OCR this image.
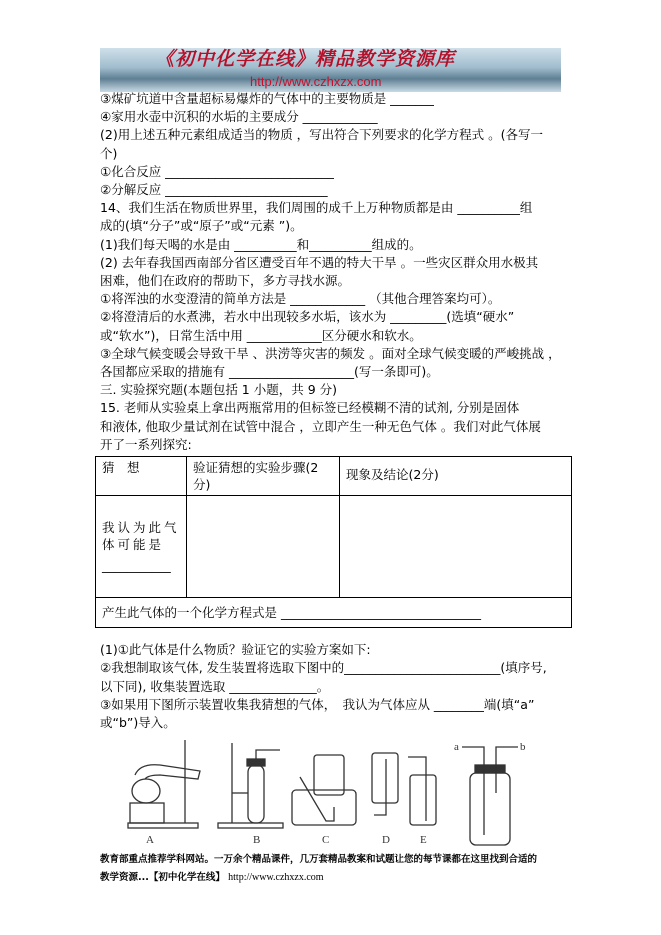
《初中化学在线》精品教学资源库
http://www.czhxzx.com
③煤矿坑道中含量超标易爆炸的气体中的主要物质是 _______
④家用水壶中沉积的水垢的主要成分 ____________
(2)用上述五种元素组成适当的物质 ，写出符合下列要求的化学方程式 。(各写一
个)
①化合反应 ___________________________
②分解反应 __________________________
14、我们生活在物质世界里，我们周围的成千上万种物质都是由 __________组
成的(填“分子”或“原子”或“元素 ”)。
(1)我们每天喝的水是由 __________和__________组成的。
(2) 去年春我国西南部分省区遭受百年不遇的特大干旱 。一些灾区群众用水极其
困难，他们在政府的帮助下，多方寻找水源。
①将浑浊的水变澄清的简单方法是 ____________ （其他合理答案均可）。
②将澄清后的水煮沸，若水中出现较多水垢，该水为 _________(选填“硬水”
或“软水”)，日常生活中用 ____________区分硬水和软水。
③全球气候变暖会导致干旱 、洪涝等灾害的频发 。面对全球气候变暖的严峻挑战 ，
各国都应采取的措施有 ____________________(写一条即可)。
三. 实验探究题(本题包括 1 小题，共 9 分)
15. 老师从实验桌上拿出两瓶常用的但标签已经模糊不清的试剂, 分别是固体
和液体, 他取少量试剂在试管中混合 ，立即产生一种无色气体 。我们对此气体展
开了一系列探究:
猜　想	验证猜想的实验步骤(2分)	现象及结论(2分)

我认为此气体可能是
___________		

产生此气体的一个化学方程式是 ________________________________		
(1)①此气体是什么物质？验证它的实验方案如下:
②我想制取该气体, 发生装置将选取下图中的_________________________(填序号,
以下同), 收集装置选取 ______________。
③如果用下图所示装置收集我猜想的气体，　我认为气体应从 ________端(填“a”
或“b”)导入。
A	B	C	D	E
a	b
教育部重点推荐学科网站。一万余个精品课件，几万套精品教案和试题让您的每节课都在这里找到合适的
教学资源...【初中化学在线】 http://www.czhxzx.com
